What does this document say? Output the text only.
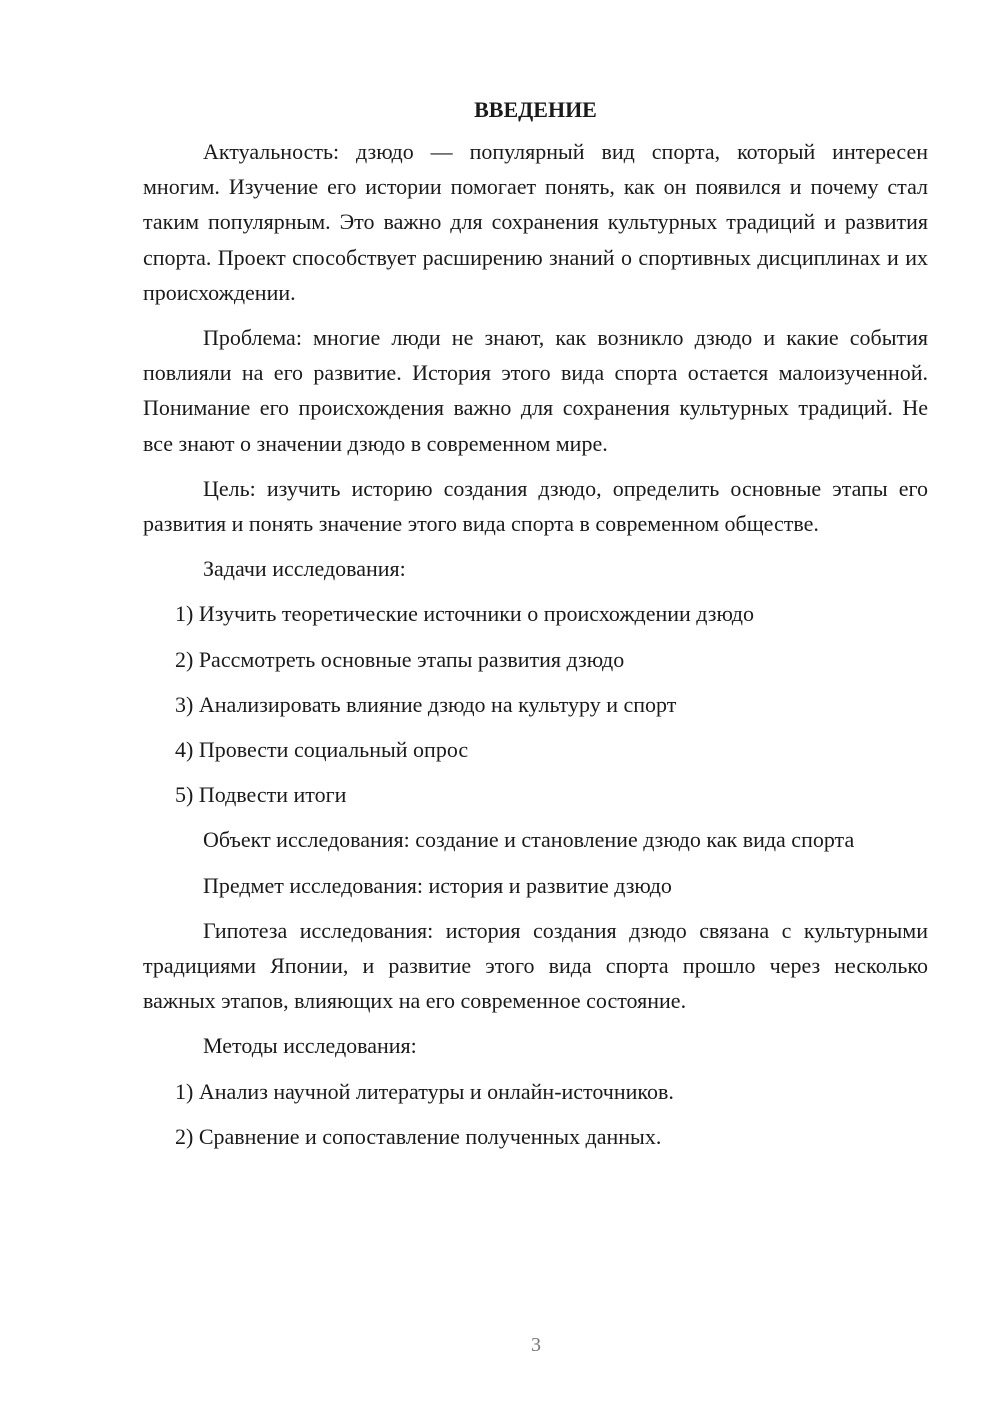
ВВЕДЕНИЕ

Актуальность: дзюдо — популярный вид спорта, который интересен многим. Изучение его истории помогает понять, как он появился и почему стал таким популярным. Это важно для сохранения культурных традиций и развития спорта. Проект способствует расширению знаний о спортивных дисциплинах и их происхождении.

Проблема: многие люди не знают, как возникло дзюдо и какие события повлияли на его развитие. История этого вида спорта остается малоизученной. Понимание его происхождения важно для сохранения культурных традиций. Не все знают о значении дзюдо в современном мире.

Цель: изучить историю создания дзюдо, определить основные этапы его развития и понять значение этого вида спорта в современном обществе.

Задачи исследования:
1) Изучить теоретические источники о происхождении дзюдо
2) Рассмотреть основные этапы развития дзюдо
3) Анализировать влияние дзюдо на культуру и спорт
4) Провести социальный опрос
5) Подвести итоги

Объект исследования: создание и становление дзюдо как вида спорта

Предмет исследования: история и развитие дзюдо

Гипотеза исследования: история создания дзюдо связана с культурными традициями Японии, и развитие этого вида спорта прошло через несколько важных этапов, влияющих на его современное состояние.

Методы исследования:
1) Анализ научной литературы и онлайн-источников.
2) Сравнение и сопоставление полученных данных.
3
